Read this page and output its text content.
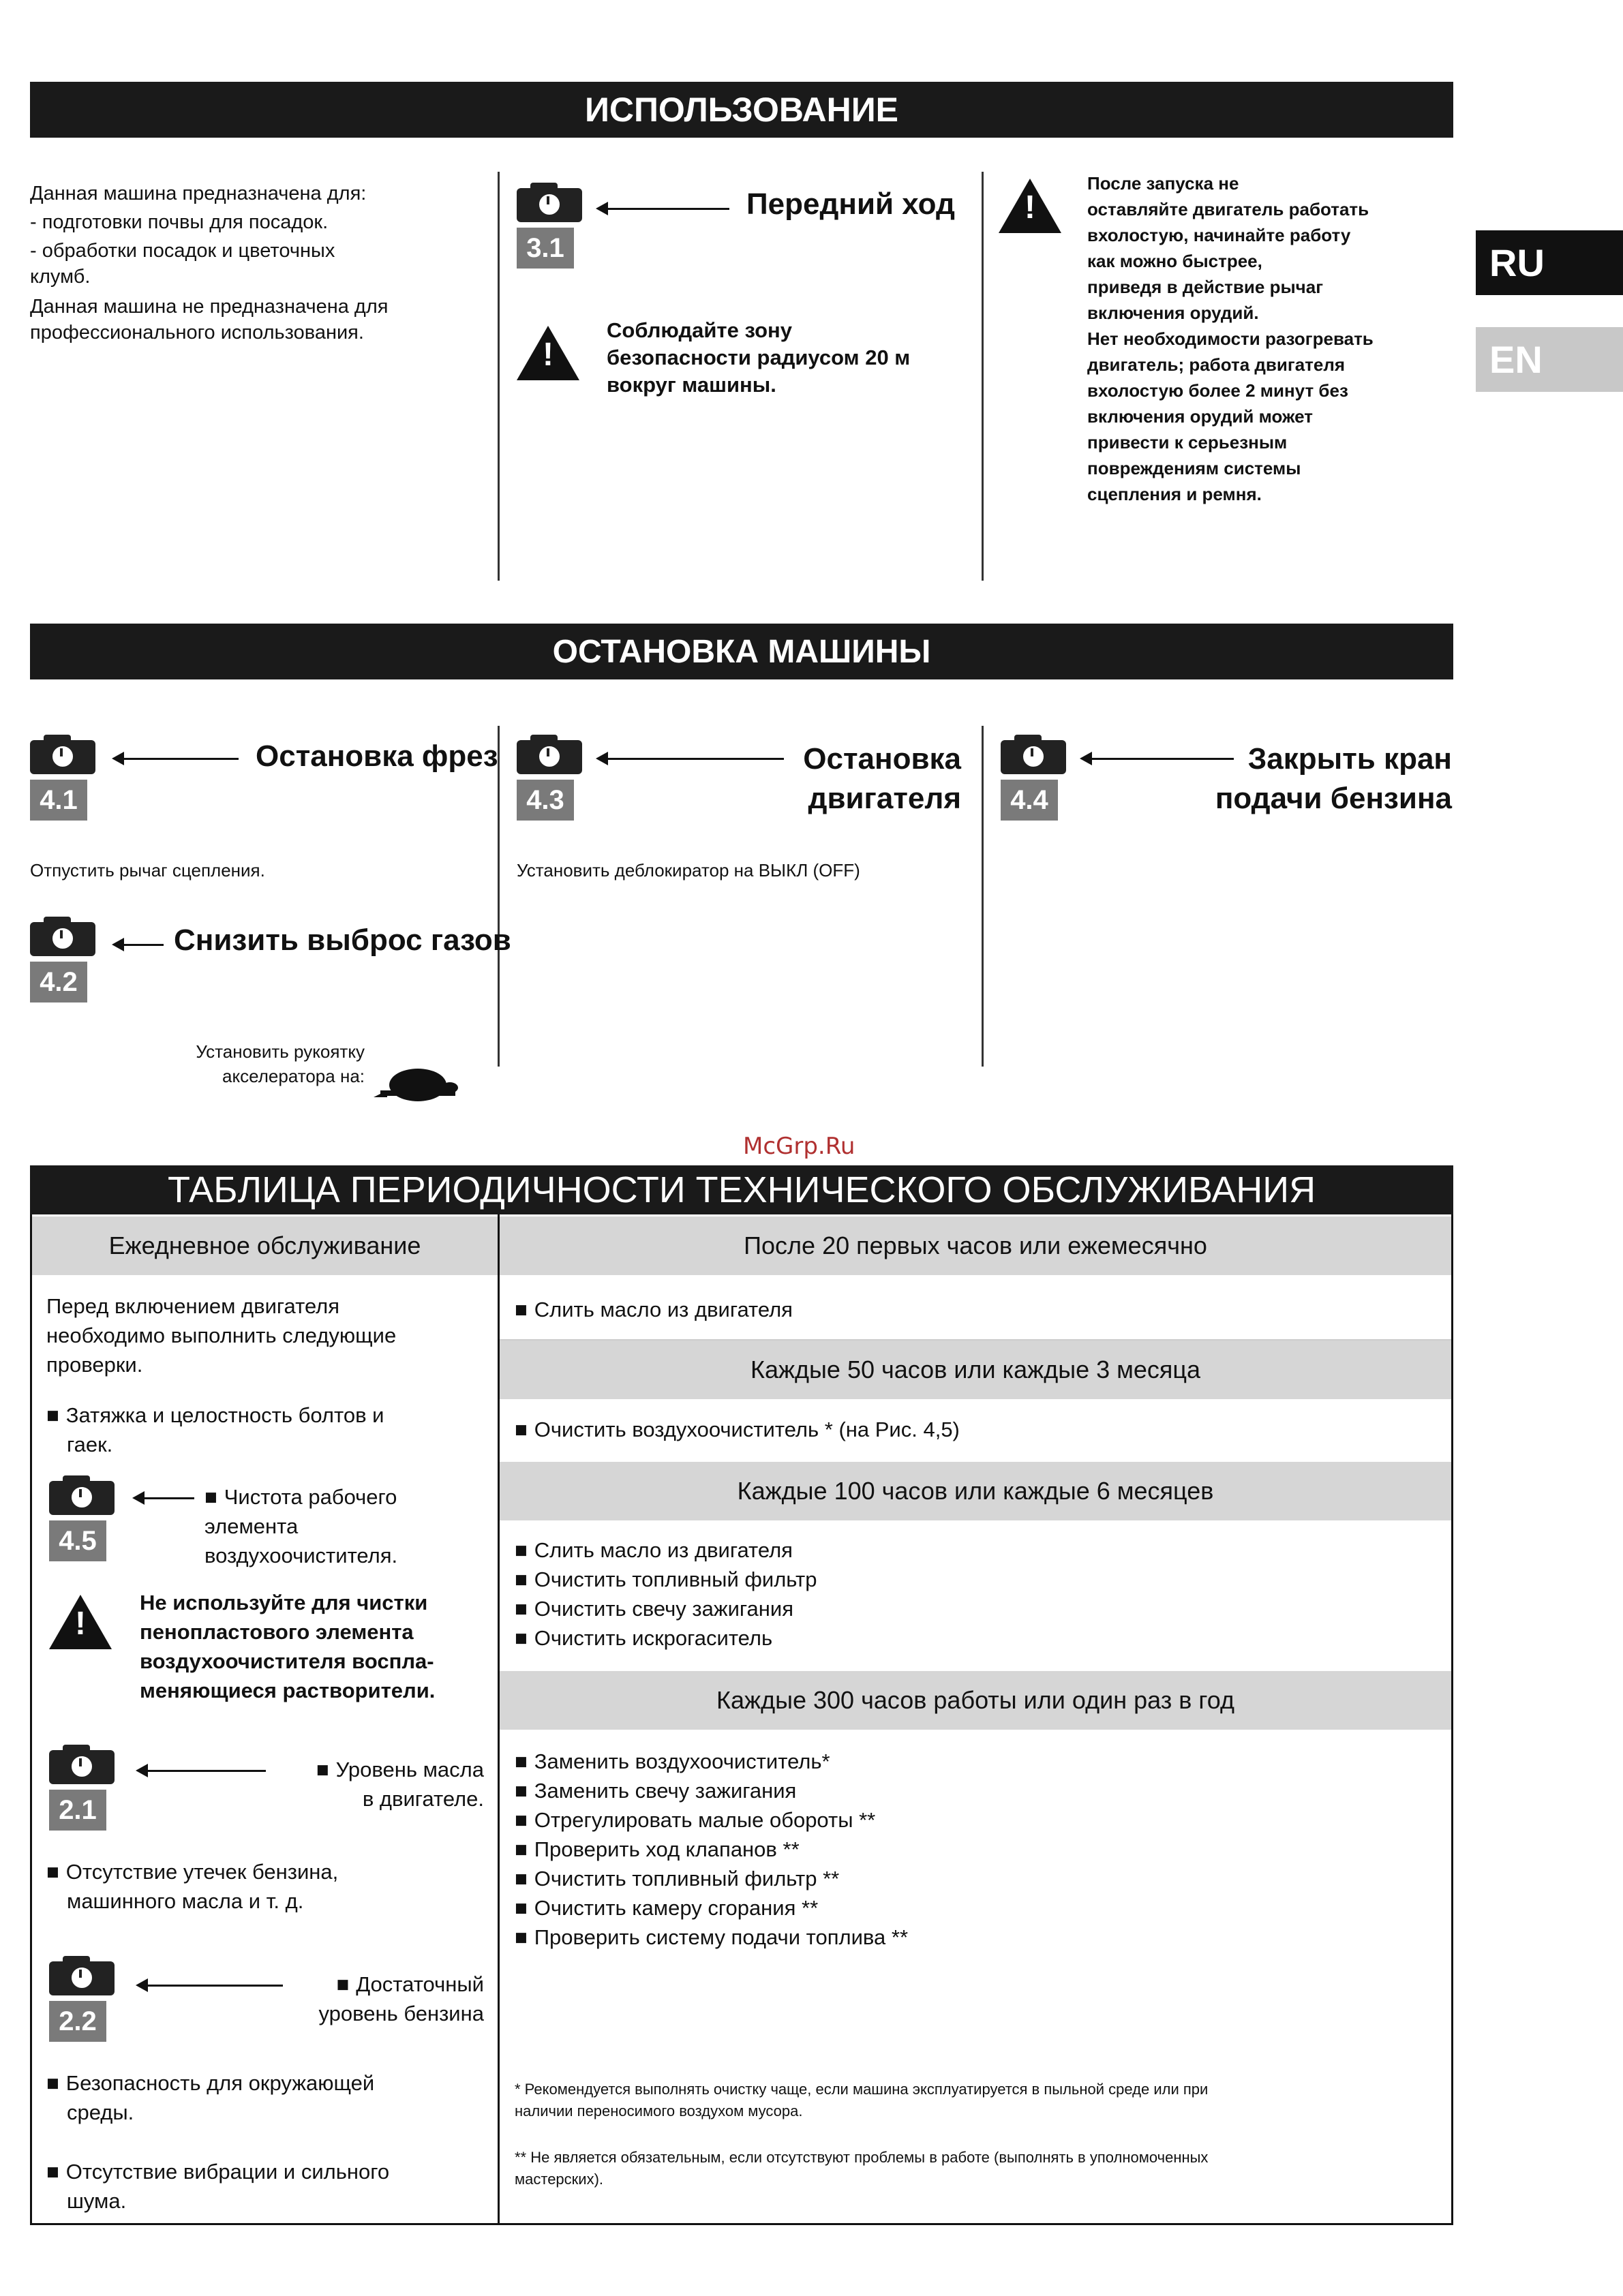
ИСПОЛЬЗОВАНИЕ
Данная машина предназначена для:
- подготовки почвы для посадок.
- обработки посадок и цветочных
клумб.
Данная машина не предназначена для
профессионального использования.
3.1
Передний ход
!
Соблюдайте зону
безопасности радиусом 20 м
вокруг машины.
!
После запуска не
оставляйте двигатель работать
вхолостую, начинайте работу
как можно быстрее,
приведя в действие рычаг
включения орудий.
Нет необходимости разогревать
двигатель; работа двигателя
вхолостую более 2 минут без
включения орудий может
привести к серьезным
повреждениям системы
сцепления и ремня.
RU
EN
ОСТАНОВКА МАШИНЫ
4.1
Остановка фрез
Отпустить рычаг сцепления.
4.2
Снизить выброс газов
Установить рукоятку
акселератора на:
4.3
Остановка
двигателя
Установить деблокиратор на ВЫКЛ (OFF)
4.4
Закрыть кран
подачи бензина
McGrp.Ru
ТАБЛИЦА ПЕРИОДИЧНОСТИ ТЕХНИЧЕСКОГО ОБСЛУЖИВАНИЯ
Ежедневное обслуживание
Перед включением двигателя
необходимо выполнить следующие
проверки.
■ Затяжка и целостность болтов и
гаек.
4.5
■ Чистота рабочего
элемента
воздухоочистителя.
!
Не используйте для чистки
пенопластового элемента
воздухоочистителя воспла-
меняющиеся растворители.
2.1
■ Уровень масла
в двигателе.
■ Отсутствие утечек бензина,
машинного масла и т. д.
2.2
■ Достаточный
уровень бензина
■ Безопасность для окружающей
среды.
■ Отсутствие вибрации и сильного
шума.
После 20 первых часов или ежемесячно
■ Слить масло из двигателя
Каждые 50 часов или каждые 3 месяца
■ Очистить воздухоочиститель * (на Рис. 4,5)
Каждые 100 часов или каждые 6 месяцев
■ Слить масло из двигателя
■ Очистить топливный фильтр
■ Очистить свечу зажигания
■ Очистить искрогаситель
Каждые 300 часов работы или один раз в год
■ Заменить воздухоочиститель*
■ Заменить свечу зажигания
■ Отрегулировать малые обороты **
■ Проверить ход клапанов **
■ Очистить топливный фильтр **
■ Очистить камеру сгорания **
■ Проверить систему подачи топлива **
* Рекомендуется выполнять очистку чаще, если машина эксплуатируется в пыльной среде или при
наличии переносимого воздухом мусора.
** Не является обязательным, если отсутствуют проблемы в работе (выполнять в уполномоченных
мастерских).
